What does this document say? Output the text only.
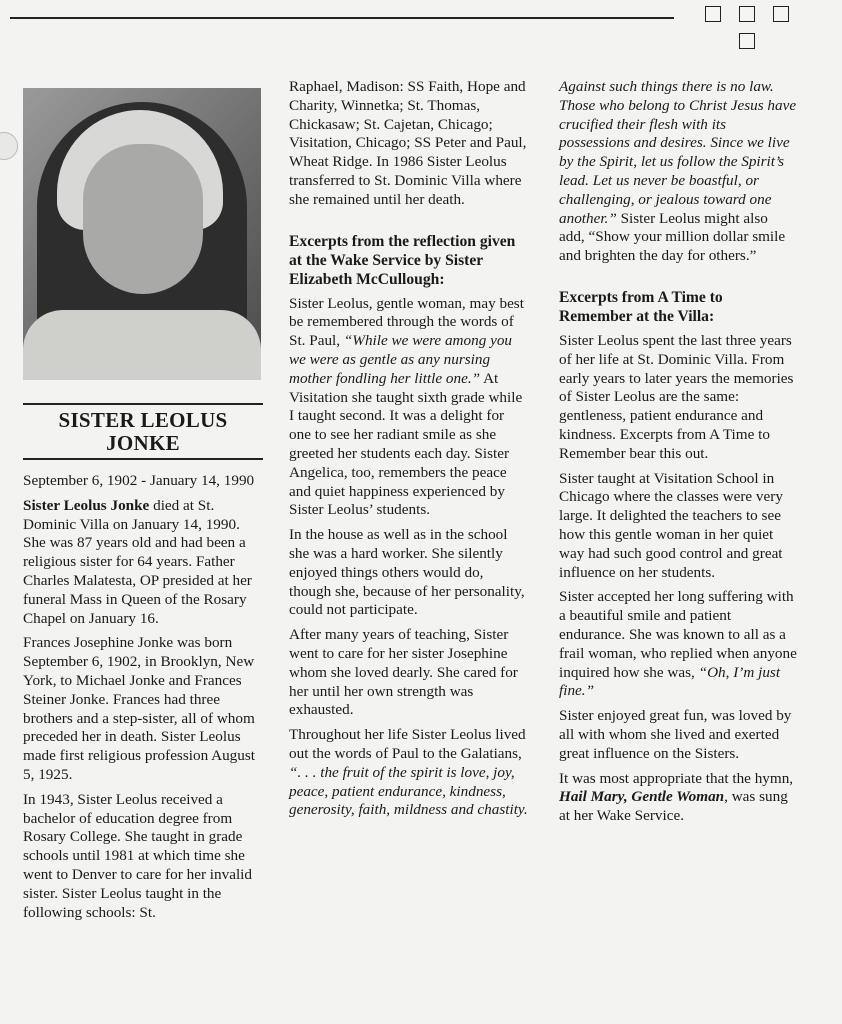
SISTER LEOLUS JONKE

September 6, 1902 - January 14, 1990

Sister Leolus Jonke died at St. Dominic Villa on January 14, 1990. She was 87 years old and had been a religious sister for 64 years. Father Charles Malatesta, OP presided at her funeral Mass in Queen of the Rosary Chapel on January 16.

Frances Josephine Jonke was born September 6, 1902, in Brooklyn, New York, to Michael Jonke and Frances Steiner Jonke. Frances had three brothers and a step-sister, all of whom preceded her in death. Sister Leolus made first religious profession August 5, 1925.

In 1943, Sister Leolus received a bachelor of education degree from Rosary College. She taught in grade schools until 1981 at which time she went to Denver to care for her invalid sister. Sister Leolus taught in the following schools: St.

Raphael, Madison: SS Faith, Hope and Charity, Winnetka; St. Thomas, Chickasaw; St. Cajetan, Chicago; Visitation, Chicago; SS Peter and Paul, Wheat Ridge. In 1986 Sister Leolus transferred to St. Dominic Villa where she remained until her death.

Excerpts from the reflection given at the Wake Service by Sister Elizabeth McCullough:

Sister Leolus, gentle woman, may best be remembered through the words of St. Paul, “While we were among you we were as gentle as any nursing mother fondling her little one.” At Visitation she taught sixth grade while I taught second. It was a delight for one to see her radiant smile as she greeted her students each day. Sister Angelica, too, remembers the peace and quiet happiness experienced by Sister Leolus’ students.

In the house as well as in the school she was a hard worker. She silently enjoyed things others would do, though she, because of her personality, could not participate.

After many years of teaching, Sister went to care for her sister Josephine whom she loved dearly. She cared for her until her own strength was exhausted.

Throughout her life Sister Leolus lived out the words of Paul to the Galatians, “. . . the fruit of the spirit is love, joy, peace, patient endurance, kindness, generosity, faith, mildness and chastity.

Against such things there is no law. Those who belong to Christ Jesus have crucified their flesh with its possessions and desires. Since we live by the Spirit, let us follow the Spirit’s lead. Let us never be boastful, or challenging, or jealous toward one another.” Sister Leolus might also add, “Show your million dollar smile and brighten the day for others.”

Excerpts from A Time to Remember at the Villa:

Sister Leolus spent the last three years of her life at St. Dominic Villa. From early years to later years the memories of Sister Leolus are the same: gentleness, patient endurance and kindness. Excerpts from A Time to Remember bear this out.

Sister taught at Visitation School in Chicago where the classes were very large. It delighted the teachers to see how this gentle woman in her quiet way had such good control and great influence on her students.

Sister accepted her long suffering with a beautiful smile and patient endurance. She was known to all as a frail woman, who replied when anyone inquired how she was, “Oh, I’m just fine.”

Sister enjoyed great fun, was loved by all with whom she lived and exerted great influence on the Sisters.

It was most appropriate that the hymn, Hail Mary, Gentle Woman, was sung at her Wake Service.
